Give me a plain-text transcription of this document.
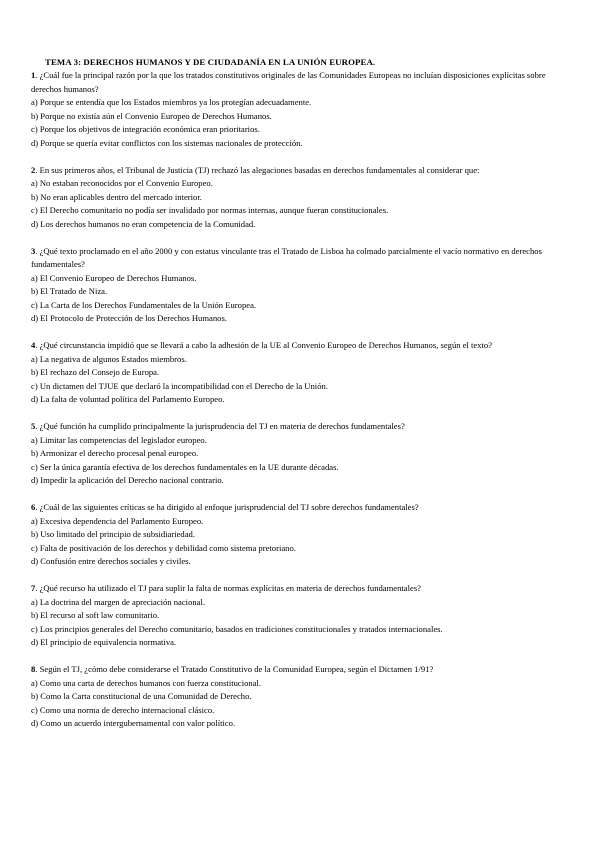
TEMA 3: DERECHOS HUMANOS Y DE CIUDADANÍA EN LA UNIÓN EUROPEA.
1. ¿Cuál fue la principal razón por la que los tratados constitutivos originales de las Comunidades Europeas no incluían disposiciones explícitas sobre derechos humanos?
a) Porque se entendía que los Estados miembros ya los protegían adecuadamente.
b) Porque no existía aún el Convenio Europeo de Derechos Humanos.
c) Porque los objetivos de integración económica eran prioritarios.
d) Porque se quería evitar conflictos con los sistemas nacionales de protección.
2. En sus primeros años, el Tribunal de Justicia (TJ) rechazó las alegaciones basadas en derechos fundamentales al considerar que:
a) No estaban reconocidos por el Convenio Europeo.
b) No eran aplicables dentro del mercado interior.
c) El Derecho comunitario no podía ser invalidado por normas internas, aunque fueran constitucionales.
d) Los derechos humanos no eran competencia de la Comunidad.
3. ¿Qué texto proclamado en el año 2000 y con estatus vinculante tras el Tratado de Lisboa ha colmado parcialmente el vacío normativo en derechos fundamentales?
a) El Convenio Europeo de Derechos Humanos.
b) El Tratado de Niza.
c) La Carta de los Derechos Fundamentales de la Unión Europea.
d) El Protocolo de Protección de los Derechos Humanos.
4. ¿Qué circunstancia impidió que se llevará a cabo la adhesión de la UE al Convenio Europeo de Derechos Humanos, según el texto?
a) La negativa de algunos Estados miembros.
b) El rechazo del Consejo de Europa.
c) Un dictamen del TJUE que declaró la incompatibilidad con el Derecho de la Unión.
d) La falta de voluntad política del Parlamento Europeo.
5. ¿Qué función ha cumplido principalmente la jurisprudencia del TJ en materia de derechos fundamentales?
a) Limitar las competencias del legislador europeo.
b) Armonizar el derecho procesal penal europeo.
c) Ser la única garantía efectiva de los derechos fundamentales en la UE durante décadas.
d) Impedir la aplicación del Derecho nacional contrario.
6. ¿Cuál de las siguientes críticas se ha dirigido al enfoque jurisprudencial del TJ sobre derechos fundamentales?
a) Excesiva dependencia del Parlamento Europeo.
b) Uso limitado del principio de subsidiariedad.
c) Falta de positivación de los derechos y debilidad como sistema pretoriano.
d) Confusión entre derechos sociales y civiles.
7. ¿Qué recurso ha utilizado el TJ para suplir la falta de normas explícitas en materia de derechos fundamentales?
a) La doctrina del margen de apreciación nacional.
b) El recurso al soft law comunitario.
c) Los principios generales del Derecho comunitario, basados en tradiciones constitucionales y tratados internacionales.
d) El principio de equivalencia normativa.
8. Según el TJ, ¿cómo debe considerarse el Tratado Constitutivo de la Comunidad Europea, según el Dictamen 1/91?
a) Como una carta de derechos humanos con fuerza constitucional.
b) Como la Carta constitucional de una Comunidad de Derecho.
c) Como una norma de derecho internacional clásico.
d) Como un acuerdo intergubernamental con valor político.
